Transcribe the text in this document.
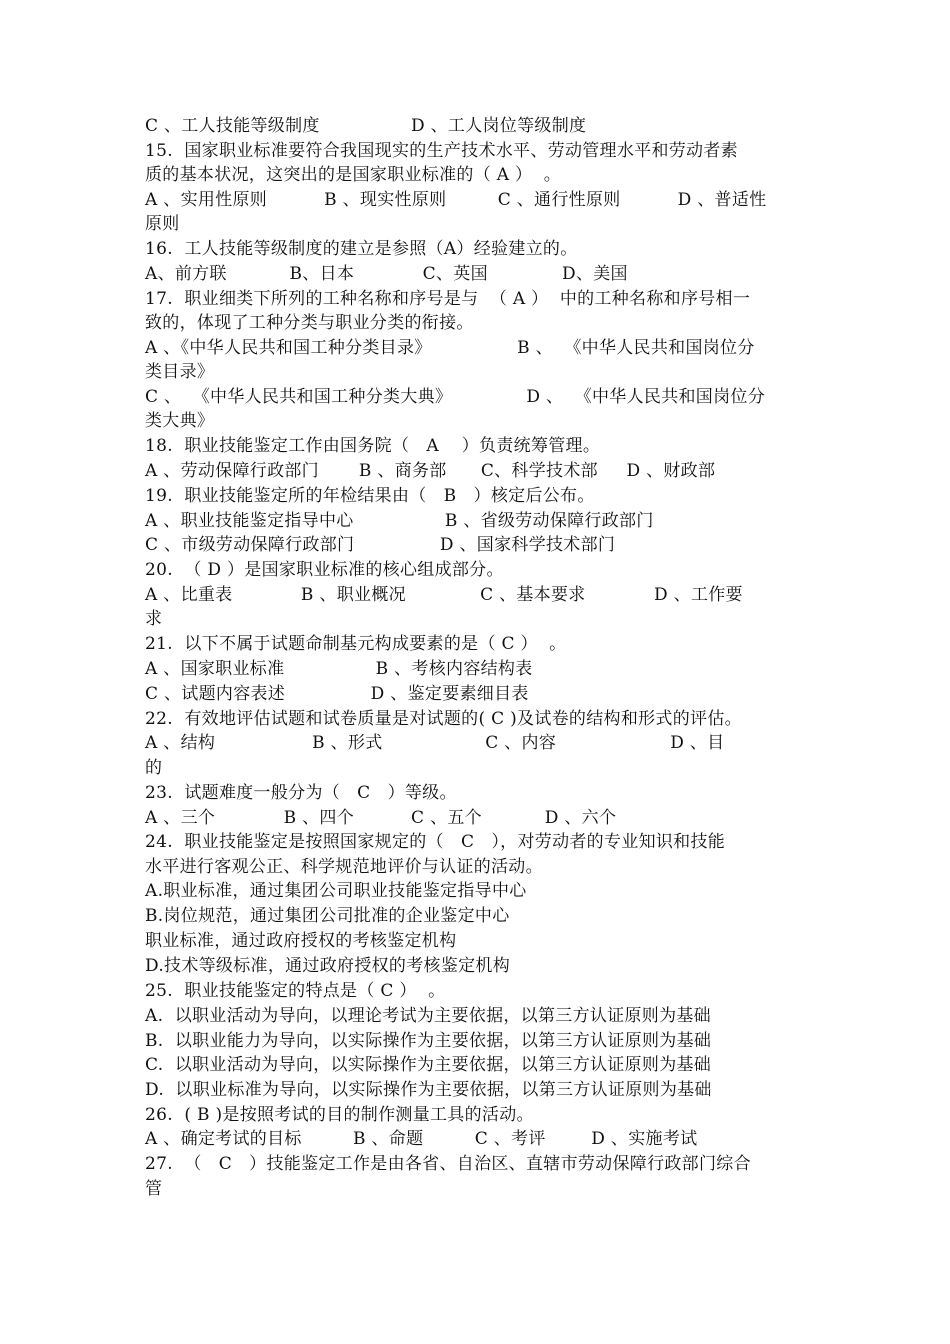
C 、工人技能等级制度                D 、工人岗位等级制度
15.  国家职业标准要符合我国现实的生产技术水平、劳动管理水平和劳动者素
质的基本状况，这突出的是国家职业标准的（ A ）  。
A 、实用性原则          B 、现实性原则         C 、通行性原则          D 、普适性
原则
16.  工人技能等级制度的建立是参照（A）经验建立的。
A、前方联           B、日本            C、英国             D、美国
17.  职业细类下所列的工种名称和序号是与  （ A ）  中的工种名称和序号相一
致的，体现了工种分类与职业分类的衔接。
A 、《中华人民共和国工种分类目录》               B 、  《中华人民共和国岗位分
类目录》
C 、  《中华人民共和国工种分类大典》             D 、  《中华人民共和国岗位分
类大典》
18.  职业技能鉴定工作由国务院（   A    ）负责统筹管理。
A 、劳动保障行政部门       B 、商务部      C、科学技术部     D 、财政部
19.  职业技能鉴定所的年检结果由（   B   ）核定后公布。
A 、职业技能鉴定指导中心                B 、省级劳动保障行政部门
C 、市级劳动保障行政部门               D 、国家科学技术部门
20.  （ D ）是国家职业标准的核心组成部分。
A 、比重表            B 、职业概况             C 、基本要求            D 、工作要
求
21.  以下不属于试题命制基元构成要素的是（ C ）  。
A 、国家职业标准                B 、考核内容结构表
C 、试题内容表述               D 、鉴定要素细目表
22.  有效地评估试题和试卷质量是对试题的( C )及试卷的结构和形式的评估。
A 、结构                 B 、形式                  C 、内容                    D 、目
的
23.  试题难度一般分为（   C   ）等级。
A 、三个            B 、四个          C 、五个           D 、六个
24.  职业技能鉴定是按照国家规定的（   C   ），对劳动者的专业知识和技能
水平进行客观公正、科学规范地评价与认证的活动。
A.职业标准，通过集团公司职业技能鉴定指导中心
B.岗位规范，通过集团公司批准的企业鉴定中心
职业标准，通过政府授权的考核鉴定机构
D.技术等级标准，通过政府授权的考核鉴定机构
25.  职业技能鉴定的特点是（ C ）  。
A.  以职业活动为导向，以理论考试为主要依据，以第三方认证原则为基础
B.  以职业能力为导向，以实际操作为主要依据，以第三方认证原则为基础
C.  以职业活动为导向，以实际操作为主要依据，以第三方认证原则为基础
D.  以职业标准为导向，以实际操作为主要依据，以第三方认证原则为基础
26.  ( B )是按照考试的目的制作测量工具的活动。
A 、确定考试的目标         B 、命题         C 、考评        D 、实施考试
27.  （   C   ）技能鉴定工作是由各省、自治区、直辖市劳动保障行政部门综合
管
